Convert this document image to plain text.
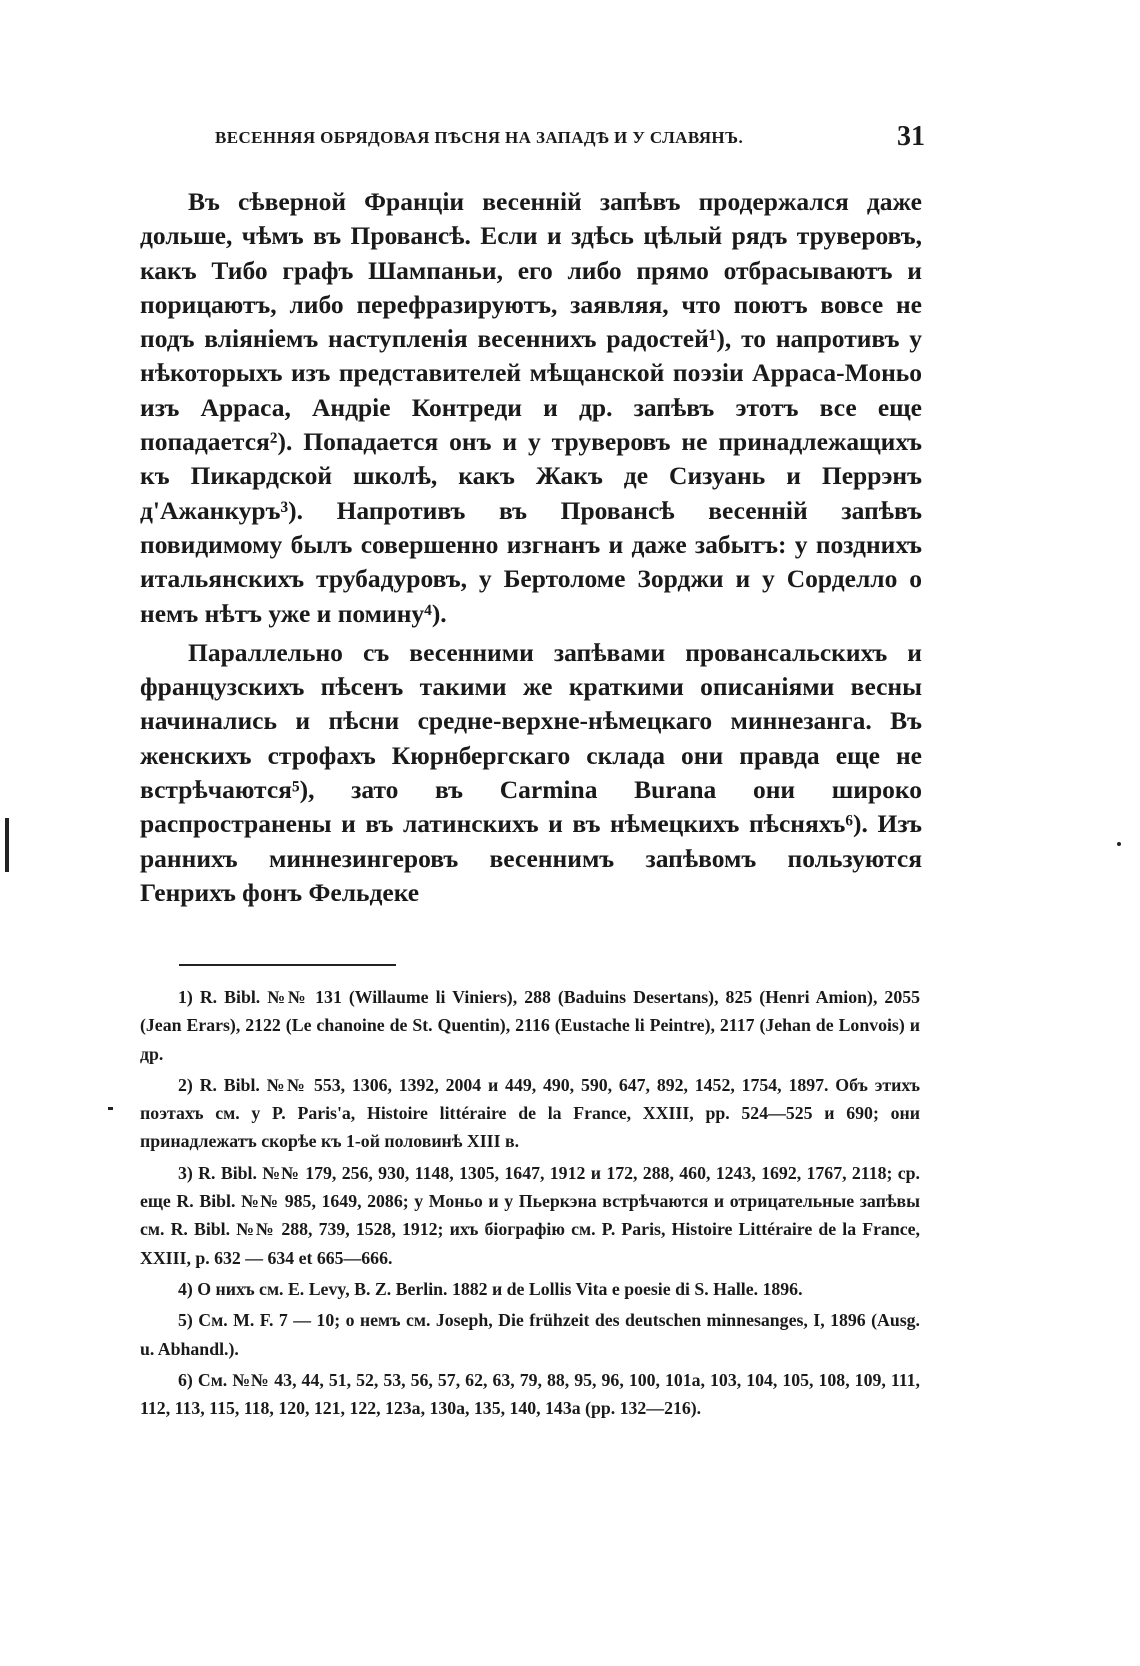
ВЕСЕННЯЯ ОБРЯДОВАЯ ПѢСНЯ НА ЗАПАДѢ И У СЛАВЯНЪ.	31

Въ сѣверной Франціи весенній запѣвъ продержался даже дольше, чѣмъ въ Провансѣ. Если и здѣсь цѣлый рядъ труверовъ, какъ Тибо графъ Шампаньи, его либо прямо отбрасываютъ и порицаютъ, либо перефразируютъ, заявляя, что поютъ вовсе не подъ вліяніемъ наступленія весеннихъ радостей¹), то напротивъ у нѣкоторыхъ изъ представителей мѣщанской поэзіи Арраса-Моньо изъ Арраса, Андріе Контреди и др. запѣвъ этотъ все еще попадается²). Попадается онъ и у труверовъ не принадлежащихъ къ Пикардской школѣ, какъ Жакъ де Сизуань и Перрэнъ д'Ажанкуръ³). Напротивъ въ Провансѣ весенній запѣвъ повидимому былъ совершенно изгнанъ и даже забытъ: у позднихъ итальянскихъ трубадуровъ, у Бертоломе Зорджи и у Сорделло о немъ нѣтъ уже и помину⁴).

Параллельно съ весенними запѣвами провансальскихъ и французскихъ пѣсенъ такими же краткими описаніями весны начинались и пѣсни средне-верхне-нѣмецкаго миннезанга. Въ женскихъ строфахъ Кюрнбергскаго склада они правда еще не встрѣчаются⁵), зато въ Carmina Burana они широко распространены и въ латинскихъ и въ нѣмецкихъ пѣсняхъ⁶). Изъ раннихъ миннезингеровъ весеннимъ запѣвомъ пользуются Генрихъ фонъ Фельдеке

1) R. Bibl. №№ 131 (Willaume li Viniers), 288 (Baduins Desertans), 825 (Henri Amion), 2055 (Jean Erars), 2122 (Le chanoine de St. Quentin), 2116 (Eustache li Peintre), 2117 (Jehan de Lonvois) и др.

2) R. Bibl. №№ 553, 1306, 1392, 2004 и 449, 490, 590, 647, 892, 1452, 1754, 1897. Объ этихъ поэтахъ см. у P. Paris'a, Histoire littéraire de la France, XXIII, pp. 524—525 и 690; они принадлежатъ скорѣе къ 1-ой половинѣ XIII в.

3) R. Bibl. №№ 179, 256, 930, 1148, 1305, 1647, 1912 и 172, 288, 460, 1243, 1692, 1767, 2118; ср. еще R. Bibl. №№ 985, 1649, 2086; у Моньо и у Пьеркэна встрѣчаются и отрицательные запѣвы см. R. Bibl. №№ 288, 739, 1528, 1912; ихъ біографію см. P. Paris, Histoire Littéraire de la France, XXIII, p. 632 — 634 et 665—666.

4) О нихъ см. E. Levy, B. Z. Berlin. 1882 и de Lollis Vita e poesie di S. Halle. 1896.

5) См. M. F. 7 — 10; о немъ см. Joseph, Die frühzeit des deutschen minnesanges, I, 1896 (Ausg. u. Abhandl.).

6) См. №№ 43, 44, 51, 52, 53, 56, 57, 62, 63, 79, 88, 95, 96, 100, 101a, 103, 104, 105, 108, 109, 111, 112, 113, 115, 118, 120, 121, 122, 123a, 130a, 135, 140, 143a (pp. 132—216).
